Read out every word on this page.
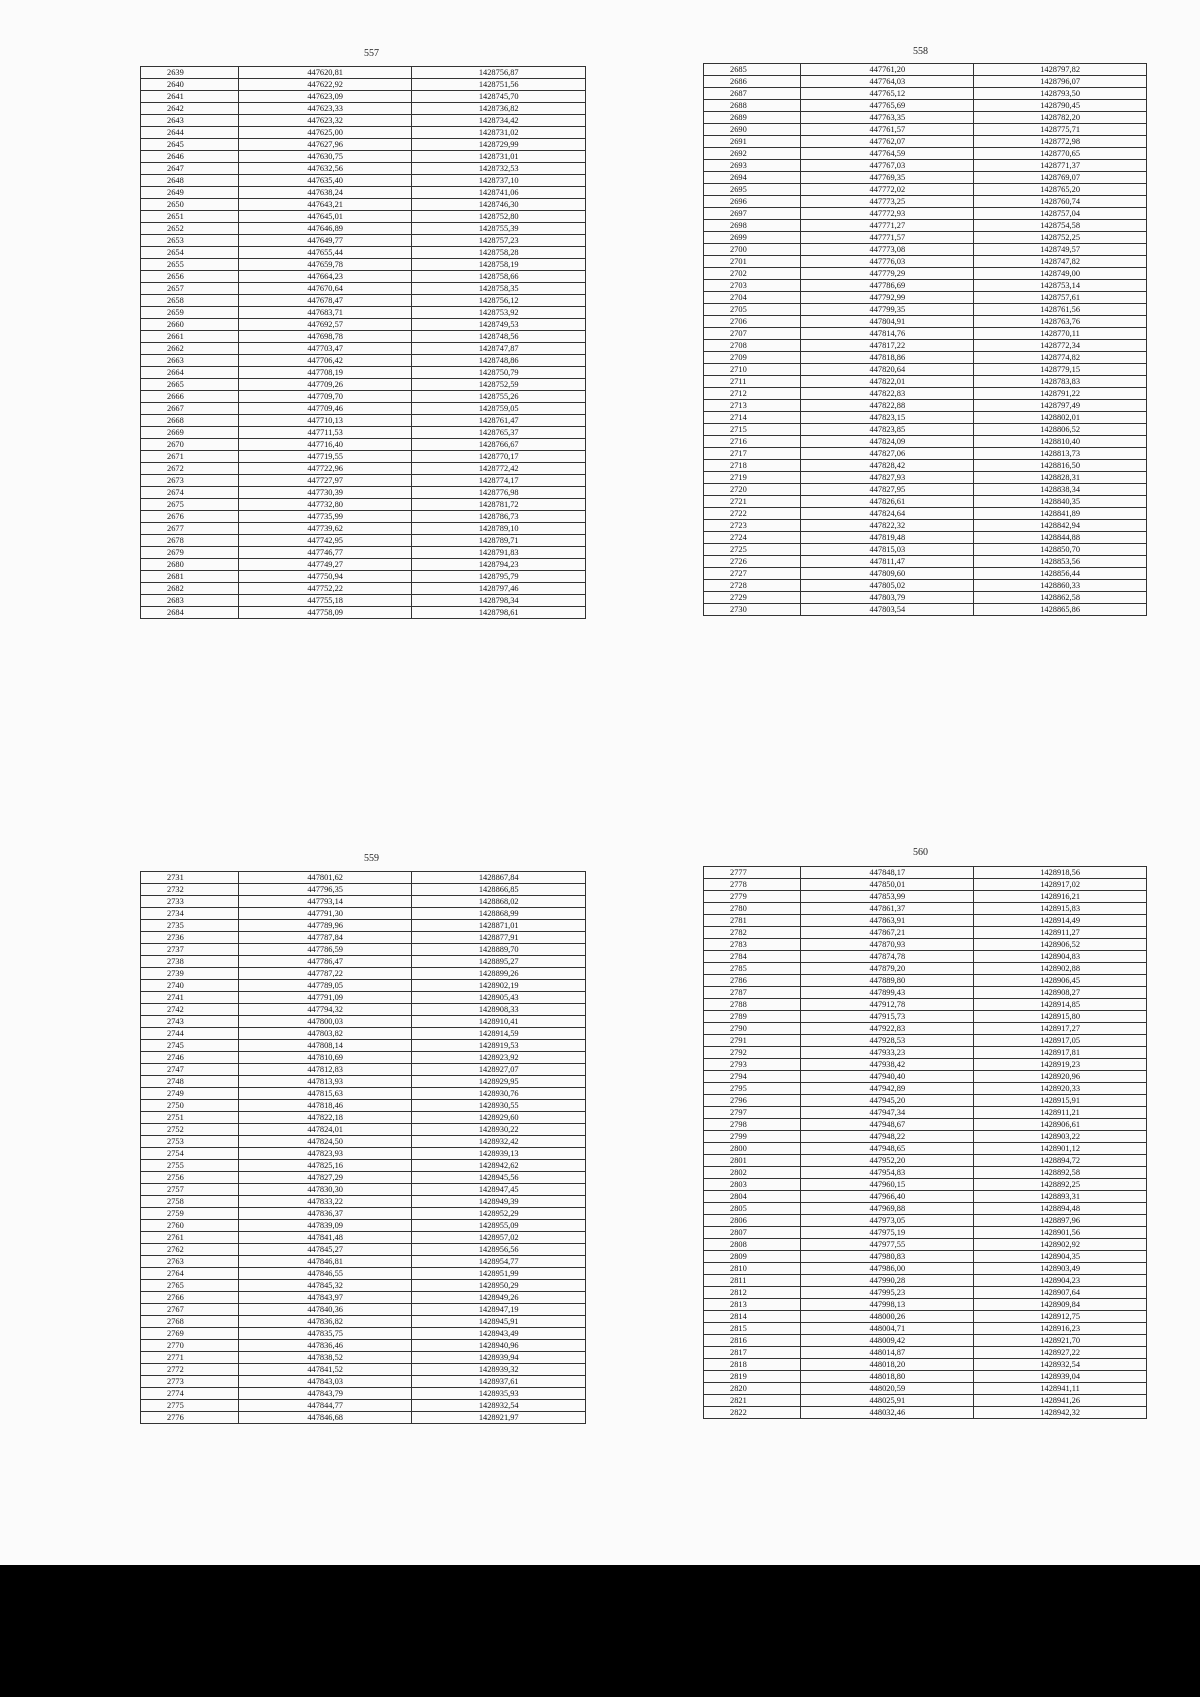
557	558
559
560
2639	447620,81	1428756,87
2640	447622,92	1428751,56
2641	447623,09	1428745,70
2642	447623,33	1428736,82
2643	447623,32	1428734,42
2644	447625,00	1428731,02
2645	447627,96	1428729,99
2646	447630,75	1428731,01
2647	447632,56	1428732,53
2648	447635,40	1428737,10
2649	447638,24	1428741,06
2650	447643,21	1428746,30
2651	447645,01	1428752,80
2652	447646,89	1428755,39
2653	447649,77	1428757,23
2654	447655,44	1428758,28
2655	447659,78	1428758,19
2656	447664,23	1428758,66
2657	447670,64	1428758,35
2658	447678,47	1428756,12
2659	447683,71	1428753,92
2660	447692,57	1428749,53
2661	447698,78	1428748,56
2662	447703,47	1428747,87
2663	447706,42	1428748,86
2664	447708,19	1428750,79
2665	447709,26	1428752,59
2666	447709,70	1428755,26
2667	447709,46	1428759,05
2668	447710,13	1428761,47
2669	447711,53	1428765,37
2670	447716,40	1428766,67
2671	447719,55	1428770,17
2672	447722,96	1428772,42
2673	447727,97	1428774,17
2674	447730,39	1428776,98
2675	447732,80	1428781,72
2676	447735,99	1428786,73
2677	447739,62	1428789,10
2678	447742,95	1428789,71
2679	447746,77	1428791,83
2680	447749,27	1428794,23
2681	447750,94	1428795,79
2682	447752,22	1428797,46
2683	447755,18	1428798,34
2684	447758,09	1428798,61
2685	447761,20	1428797,82
2686	447764,03	1428796,07
2687	447765,12	1428793,50
2688	447765,69	1428790,45
2689	447763,35	1428782,20
2690	447761,57	1428775,71
2691	447762,07	1428772,98
2692	447764,59	1428770,65
2693	447767,03	1428771,37
2694	447769,35	1428769,07
2695	447772,02	1428765,20
2696	447773,25	1428760,74
2697	447772,93	1428757,04
2698	447771,27	1428754,58
2699	447771,57	1428752,25
2700	447773,08	1428749,57
2701	447776,03	1428747,82
2702	447779,29	1428749,00
2703	447786,69	1428753,14
2704	447792,99	1428757,61
2705	447799,35	1428761,56
2706	447804,91	1428763,76
2707	447814,76	1428770,11
2708	447817,22	1428772,34
2709	447818,86	1428774,82
2710	447820,64	1428779,15
2711	447822,01	1428783,83
2712	447822,83	1428791,22
2713	447822,88	1428797,49
2714	447823,15	1428802,01
2715	447823,85	1428806,52
2716	447824,09	1428810,40
2717	447827,06	1428813,73
2718	447828,42	1428816,50
2719	447827,93	1428828,31
2720	447827,95	1428838,34
2721	447826,61	1428840,35
2722	447824,64	1428841,89
2723	447822,32	1428842,94
2724	447819,48	1428844,88
2725	447815,03	1428850,70
2726	447811,47	1428853,56
2727	447809,60	1428856,44
2728	447805,02	1428860,33
2729	447803,79	1428862,58
2730	447803,54	1428865,86
2731	447801,62	1428867,84
2732	447796,35	1428866,85
2733	447793,14	1428868,02
2734	447791,30	1428868,99
2735	447789,96	1428871,01
2736	447787,84	1428877,91
2737	447786,59	1428889,70
2738	447786,47	1428895,27
2739	447787,22	1428899,26
2740	447789,05	1428902,19
2741	447791,09	1428905,43
2742	447794,32	1428908,33
2743	447800,03	1428910,41
2744	447803,82	1428914,59
2745	447808,14	1428919,53
2746	447810,69	1428923,92
2747	447812,83	1428927,07
2748	447813,93	1428929,95
2749	447815,63	1428930,76
2750	447818,46	1428930,55
2751	447822,18	1428929,60
2752	447824,01	1428930,22
2753	447824,50	1428932,42
2754	447823,93	1428939,13
2755	447825,16	1428942,62
2756	447827,29	1428945,56
2757	447830,30	1428947,45
2758	447833,22	1428949,39
2759	447836,37	1428952,29
2760	447839,09	1428955,09
2761	447841,48	1428957,02
2762	447845,27	1428956,56
2763	447846,81	1428954,77
2764	447846,55	1428951,99
2765	447845,32	1428950,29
2766	447843,97	1428949,26
2767	447840,36	1428947,19
2768	447836,82	1428945,91
2769	447835,75	1428943,49
2770	447836,46	1428940,96
2771	447838,52	1428939,94
2772	447841,52	1428939,32
2773	447843,03	1428937,61
2774	447843,79	1428935,93
2775	447844,77	1428932,54
2776	447846,68	1428921,97
2777	447848,17	1428918,56
2778	447850,01	1428917,02
2779	447853,99	1428916,21
2780	447861,37	1428915,83
2781	447863,91	1428914,49
2782	447867,21	1428911,27
2783	447870,93	1428906,52
2784	447874,78	1428904,83
2785	447879,20	1428902,88
2786	447889,80	1428906,45
2787	447899,43	1428908,27
2788	447912,78	1428914,85
2789	447915,73	1428915,80
2790	447922,83	1428917,27
2791	447928,53	1428917,05
2792	447933,23	1428917,81
2793	447938,42	1428919,23
2794	447940,40	1428920,96
2795	447942,89	1428920,33
2796	447945,20	1428915,91
2797	447947,34	1428911,21
2798	447948,67	1428906,61
2799	447948,22	1428903,22
2800	447948,65	1428901,12
2801	447952,20	1428894,72
2802	447954,83	1428892,58
2803	447960,15	1428892,25
2804	447966,40	1428893,31
2805	447969,88	1428894,48
2806	447973,05	1428897,96
2807	447975,19	1428901,56
2808	447977,55	1428902,92
2809	447980,83	1428904,35
2810	447986,00	1428903,49
2811	447990,28	1428904,23
2812	447995,23	1428907,64
2813	447998,13	1428909,84
2814	448000,26	1428912,75
2815	448004,71	1428916,23
2816	448009,42	1428921,70
2817	448014,87	1428927,22
2818	448018,20	1428932,54
2819	448018,80	1428939,04
2820	448020,59	1428941,11
2821	448025,91	1428941,26
2822	448032,46	1428942,32
